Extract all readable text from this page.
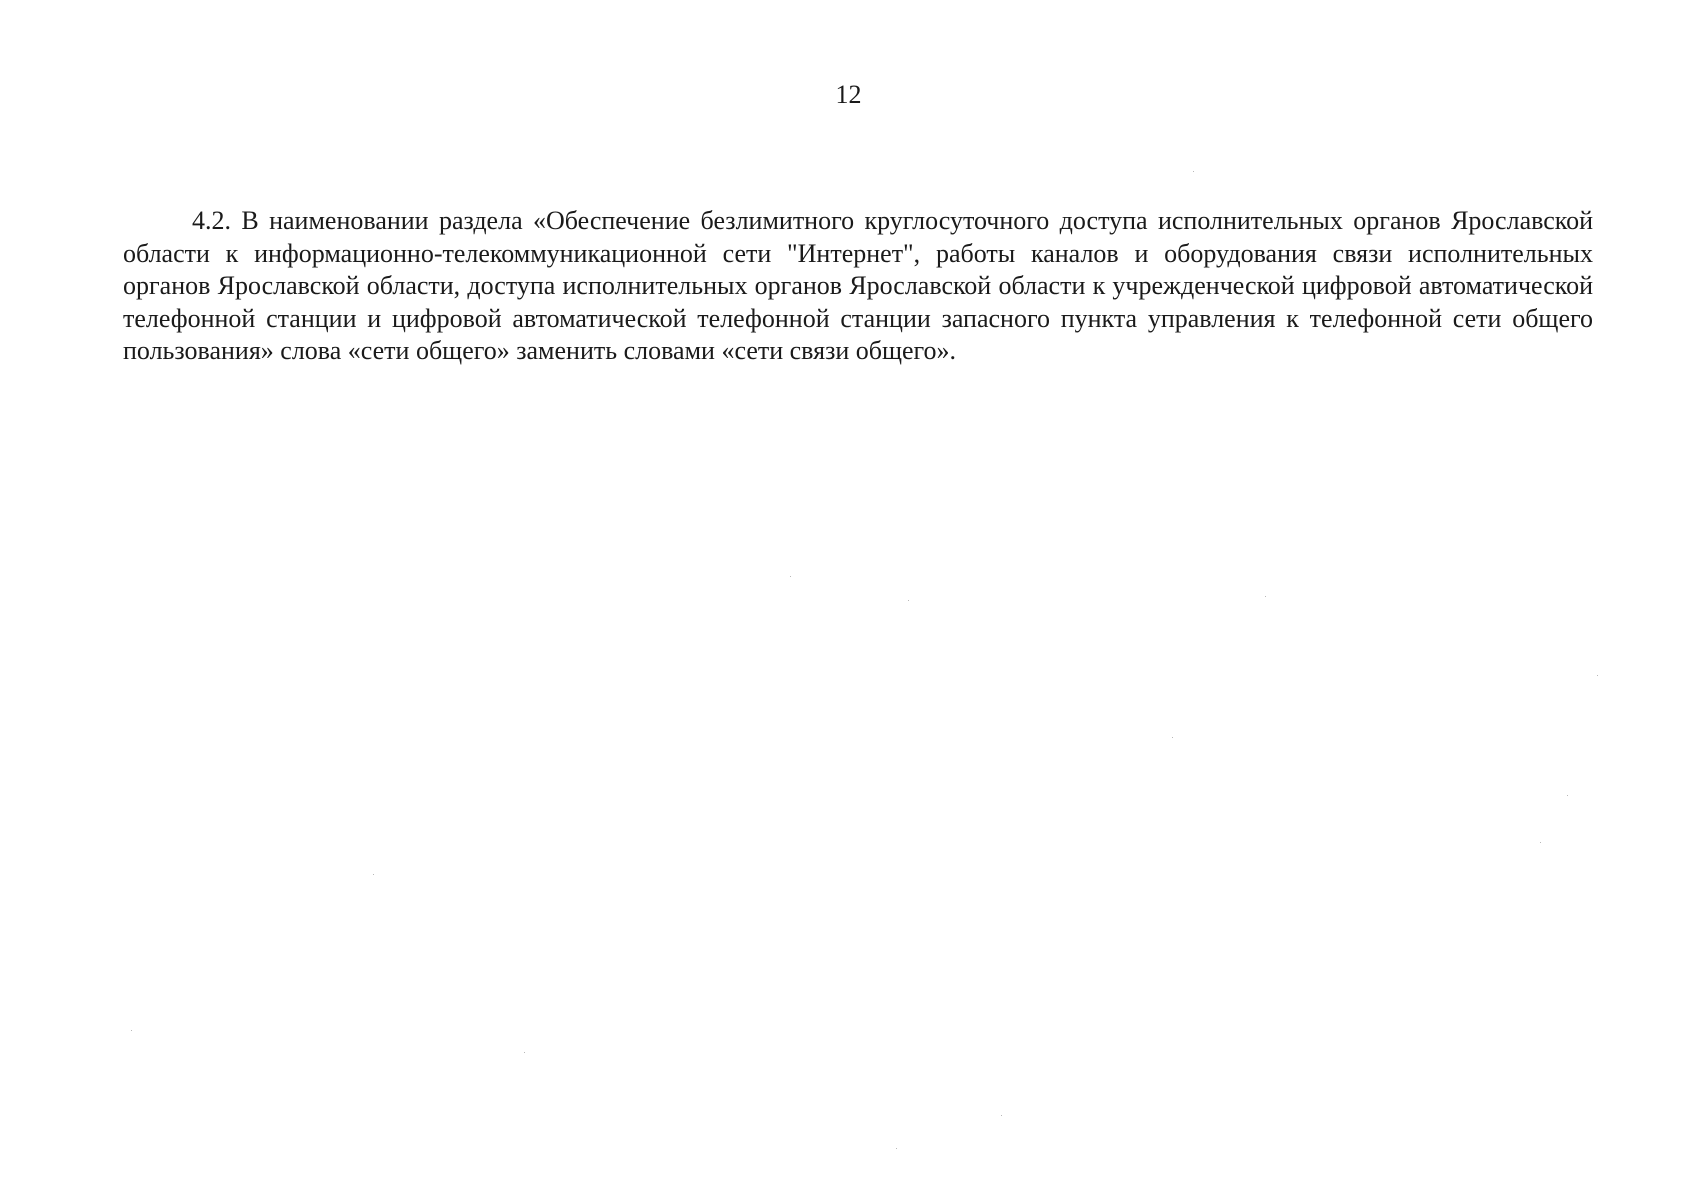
12

4.2. В наименовании раздела «Обеспечение безлимитного круглосуточного доступа исполнительных органов Ярославской области к информационно-телекоммуникационной сети "Интернет", работы каналов и оборудования связи исполнительных органов Ярославской области, доступа исполнительных органов Ярославской области к учрежденческой цифровой автоматической телефонной станции и цифровой автоматической телефонной станции запасного пункта управления к телефонной сети общего пользования» слова «сети общего» заменить словами «сети связи общего».
